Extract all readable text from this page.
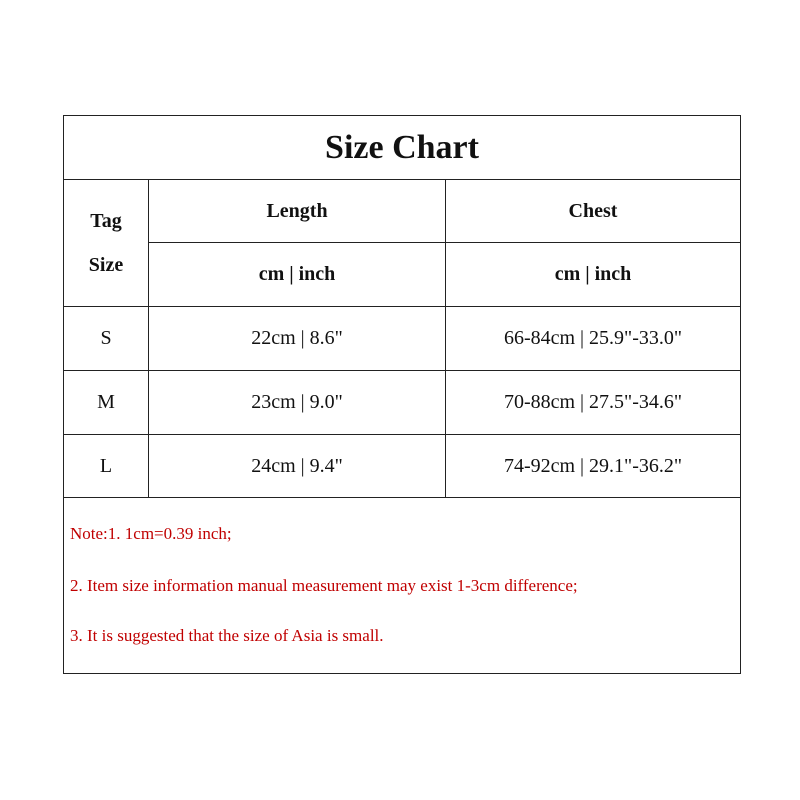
Size Chart
Tag
Size
Length	Chest
cm | inch	cm | inch
S	22cm | 8.6"	66-84cm | 25.9"-33.0"
M	23cm | 9.0"	70-88cm | 27.5"-34.6"
L	24cm | 9.4"	74-92cm | 29.1"-36.2"
Note:1. 1cm=0.39 inch;
2. Item size information manual measurement may exist 1-3cm difference;
3. It is suggested that the size of Asia is small.
